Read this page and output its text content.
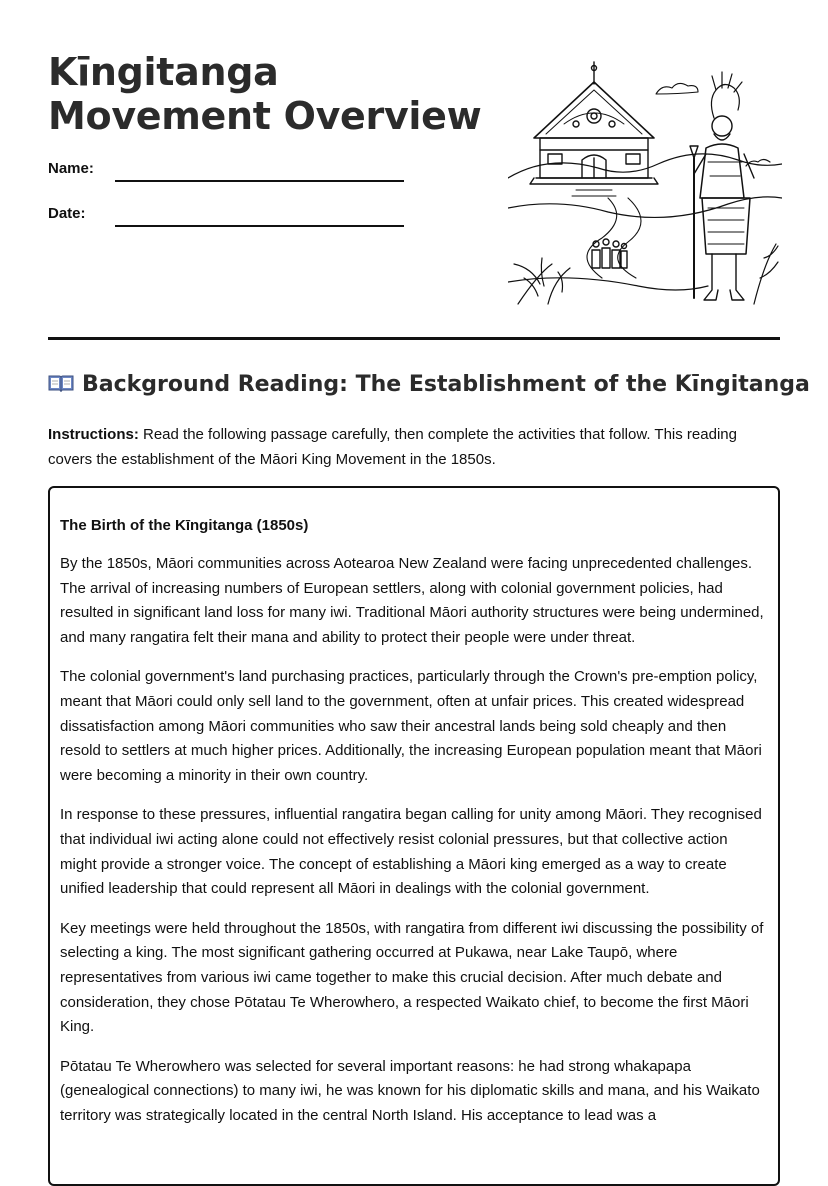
Kīngitanga Movement Overview
Name:
Date:
Background Reading: The Establishment of the Kīngitanga

Instructions: Read the following passage carefully, then complete the activities that follow. This reading covers the establishment of the Māori King Movement in the 1850s.

The Birth of the Kīngitanga (1850s)

By the 1850s, Māori communities across Aotearoa New Zealand were facing unprecedented challenges. The arrival of increasing numbers of European settlers, along with colonial government policies, had resulted in significant land loss for many iwi. Traditional Māori authority structures were being undermined, and many rangatira felt their mana and ability to protect their people were under threat.

The colonial government's land purchasing practices, particularly through the Crown's pre-emption policy, meant that Māori could only sell land to the government, often at unfair prices. This created widespread dissatisfaction among Māori communities who saw their ancestral lands being sold cheaply and then resold to settlers at much higher prices. Additionally, the increasing European population meant that Māori were becoming a minority in their own country.

In response to these pressures, influential rangatira began calling for unity among Māori. They recognised that individual iwi acting alone could not effectively resist colonial pressures, but that collective action might provide a stronger voice. The concept of establishing a Māori king emerged as a way to create unified leadership that could represent all Māori in dealings with the colonial government.

Key meetings were held throughout the 1850s, with rangatira from different iwi discussing the possibility of selecting a king. The most significant gathering occurred at Pukawa, near Lake Taupō, where representatives from various iwi came together to make this crucial decision. After much debate and consideration, they chose Pōtatau Te Wherowhero, a respected Waikato chief, to become the first Māori King.

Pōtatau Te Wherowhero was selected for several important reasons: he had strong whakapapa (genealogical connections) to many iwi, he was known for his diplomatic skills and mana, and his Waikato territory was strategically located in the central North Island. His acceptance to lead was a
